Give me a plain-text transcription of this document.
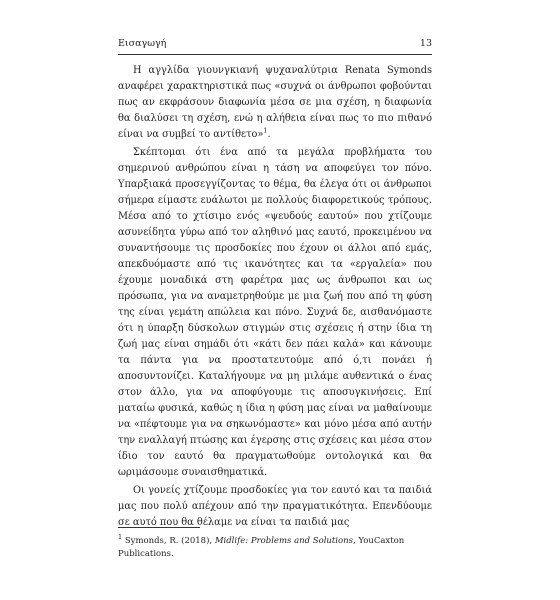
Εισαγωγή	13

Η αγγλίδα γιουνγκιανή ψυχαναλύτρια Renata Symonds αναφέρει χαρακτηριστικά πως «συχνά οι άνθρωποι φοβούνται πως αν εκφράσουν διαφωνία μέσα σε μια σχέση, η διαφωνία θα διαλύσει τη σχέση, ενώ η αλήθεια είναι πως το πιο πιθανό είναι να συμβεί το αντίθετο»$^1$.

Σκέπτομαι ότι ένα από τα μεγάλα προβλήματα του σημερινού ανθρώπου είναι η τάση να αποφεύγει τον πόνο. Υπαρξιακά προσεγγίζοντας το θέμα, θα έλεγα ότι οι άνθρωποι σήμερα είμαστε ευάλωτοι με πολλούς διαφορετικούς τρόπους. Μέσα από το χτίσιμο ενός «ψευδούς εαυτού» που χτίζουμε ασυνείδητα γύρω από τον αληθινό μας εαυτό, προκειμένου να συναντήσουμε τις προσδοκίες που έχουν οι άλλοι από εμάς, απεκδυόμαστε από τις ικανότητες και τα «εργαλεία» που έχουμε μοναδικά στη φαρέτρα μας ως άνθρωποι και ως πρόσωπα, για να αναμετρηθούμε με μια ζωή που από τη φύση της είναι γεμάτη απώλεια και πόνο. Συχνά δε, αισθανόμαστε ότι η ύπαρξη δύσκολων στιγμών στις σχέσεις ή στην ίδια τη ζωή μας είναι σημάδι ότι «κάτι δεν πάει καλά» και κάνουμε τα πάντα για να προστατευτούμε από ό,τι πονάει ή αποσυντονίζει. Καταλήγουμε να μη μιλάμε αυθεντικά ο ένας στον άλλο, για να αποφύγουμε τις αποσυγκινήσεις. Επί ματαίω φυσικά, καθώς η ίδια η φύση μας είναι να μαθαίνουμε να «πέφτουμε για να σηκωνόμαστε» και μόνο μέσα από αυτήν την εναλλαγή πτώσης και έγερσης στις σχέσεις και μέσα στον ίδιο τον εαυτό θα πραγματωθούμε οντολογικά και θα ωριμάσουμε συναισθηματικά.

Οι γονείς χτίζουμε προσδοκίες για τον εαυτό και τα παιδιά μας που πολύ απέχουν από την πραγματικότητα. Επενδύουμε σε αυτό που θα θέλαμε να είναι τα παιδιά μας

$^1$ Symonds, R. (2018), Midlife: Problems and Solutions, YouCaxton Publications.
